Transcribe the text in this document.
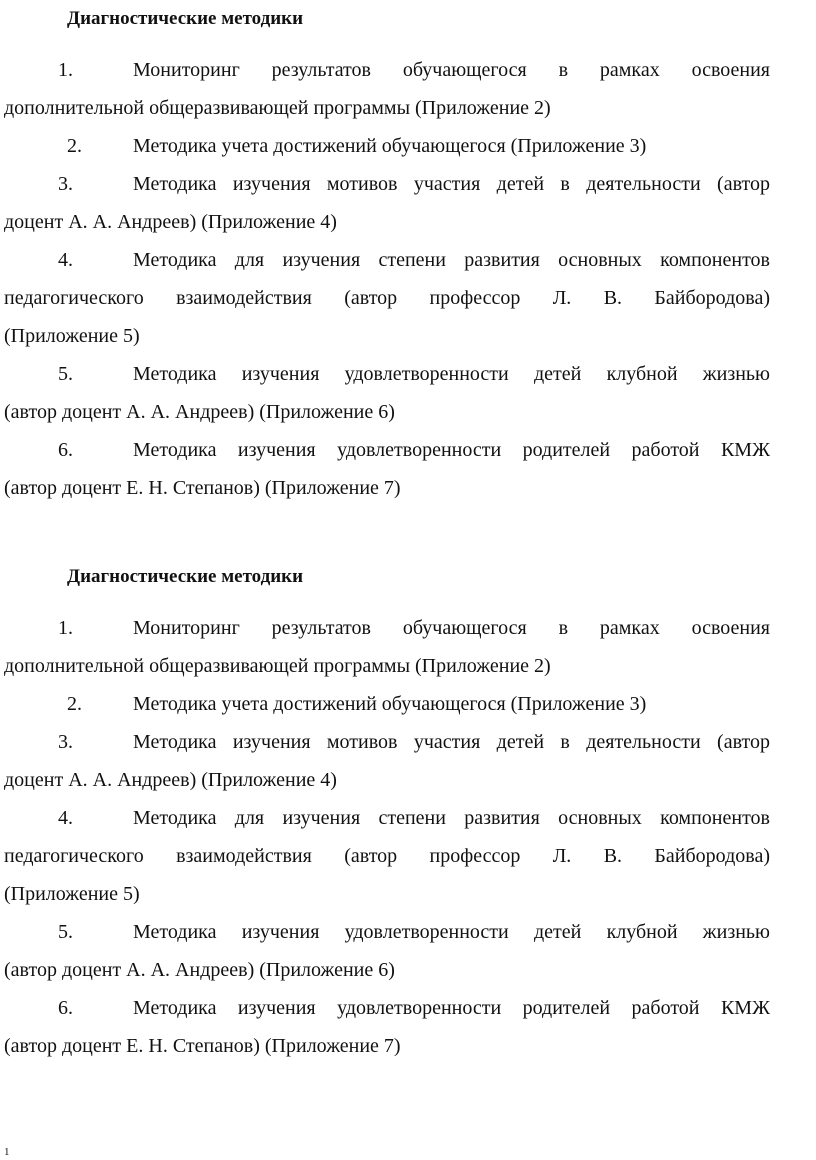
Диагностические методики
1.	Мониторинг результатов обучающегося в рамках освоения
дополнительной общеразвивающей программы (Приложение 2)
2.	Методика учета достижений обучающегося (Приложение 3)
3.	Методика изучения мотивов участия детей в деятельности (автор
доцент А. А. Андреев) (Приложение 4)
4.	Методика для изучения степени развития основных компонентов
педагогического взаимодействия (автор профессор Л. В. Байбородова)
(Приложение 5)
5.	Методика изучения удовлетворенности детей клубной жизнью
(автор доцент А. А. Андреев) (Приложение 6)
6.	Методика изучения удовлетворенности родителей работой КМЖ
(автор доцент Е. Н. Степанов) (Приложение 7)
Диагностические методики
1.	Мониторинг результатов обучающегося в рамках освоения
дополнительной общеразвивающей программы (Приложение 2)
2.	Методика учета достижений обучающегося (Приложение 3)
3.	Методика изучения мотивов участия детей в деятельности (автор
доцент А. А. Андреев) (Приложение 4)
4.	Методика для изучения степени развития основных компонентов
педагогического взаимодействия (автор профессор Л. В. Байбородова)
(Приложение 5)
5.	Методика изучения удовлетворенности детей клубной жизнью
(автор доцент А. А. Андреев) (Приложение 6)
6.	Методика изучения удовлетворенности родителей работой КМЖ
(автор доцент Е. Н. Степанов) (Приложение 7)
1
